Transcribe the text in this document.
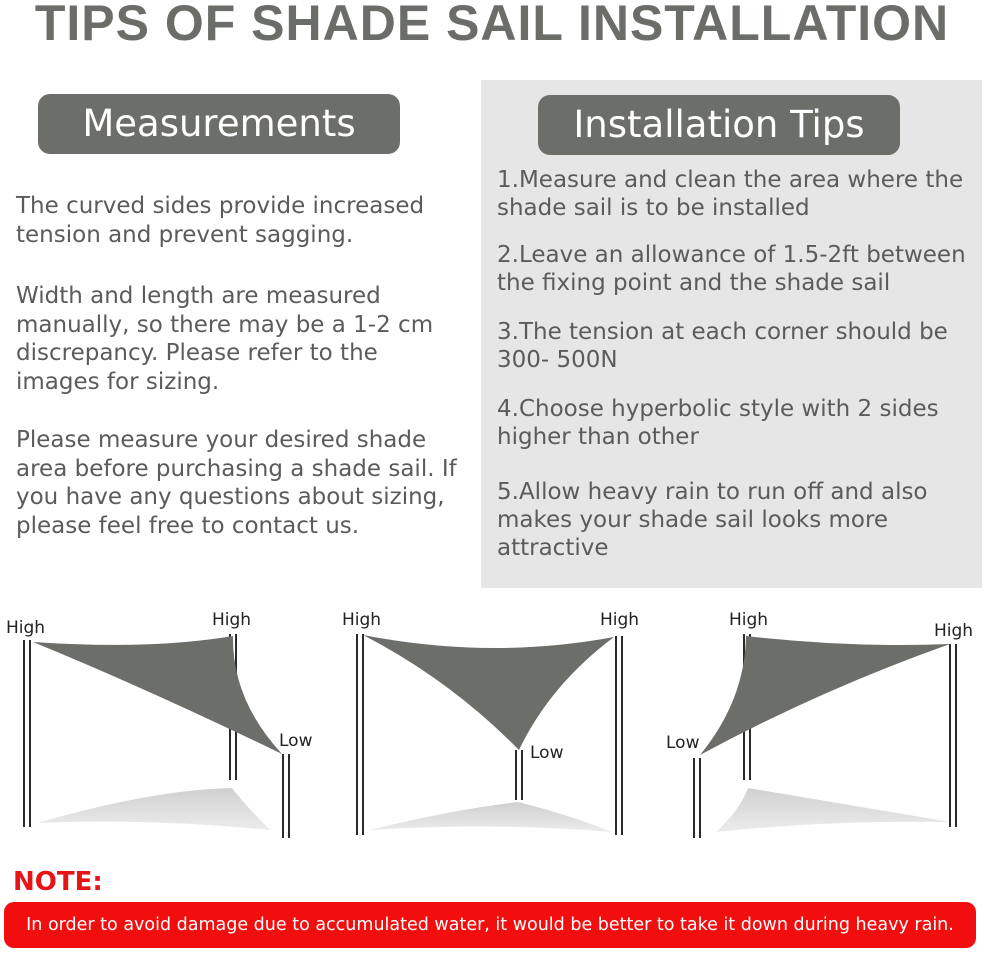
TIPS OF SHADE SAIL INSTALLATION
Measurements	Installation Tips
The curved sides provide increased tension and prevent sagging.
Width and length are measured manually, so there may be a 1-2 cm discrepancy. Please refer to the images for sizing.
Please measure your desired shade area before purchasing a shade sail. If you have any questions about sizing, please feel free to contact us.
1.Measure and clean the area where the shade sail is to be installed
2.Leave an allowance of 1.5-2ft between the fixing point and the shade sail
3.The tension at each corner should be 300- 500N
4.Choose hyperbolic style with 2 sides higher than other
5.Allow heavy rain to run off and also makes your shade sail looks more attractive
High	High
Low
High	High
Low
High
High
Low
NOTE:
In order to avoid damage due to accumulated water, it would be better to take it down during heavy rain.
